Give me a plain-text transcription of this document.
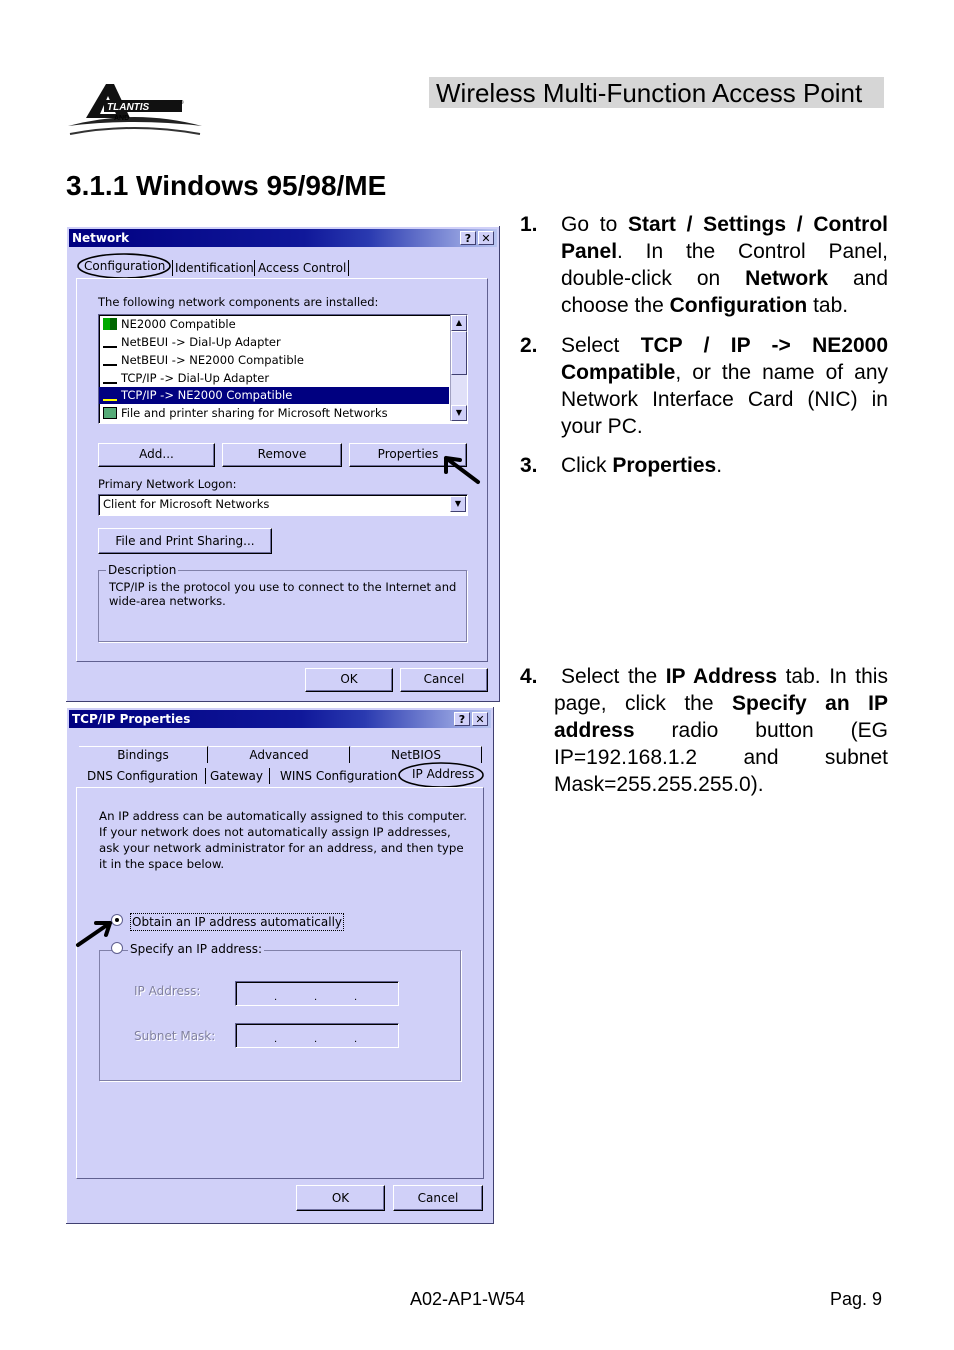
TLANTIS	®
AND
Wireless Multi-Function Access Point
3.1.1 Windows 95/98/ME
Network	? ✕
Configuration Identification Access Control
The following network components are installed:
NE2000 Compatible
NetBEUI -> Dial-Up Adapter
NetBEUI -> NE2000 Compatible
TCP/IP -> Dial-Up Adapter
TCP/IP -> NE2000 Compatible
File and printer sharing for Microsoft Networks
▲
▼
Add...	Remove	Properties
Primary Network Logon:
Client for Microsoft Networks	▼
File and Print Sharing...
Description
TCP/IP is the protocol you use to connect to the Internet and wide-area networks.
OK	Cancel
TCP/IP Properties	? ✕
Bindings	Advanced	NetBIOS
DNS Configuration Gateway	WINS Configuration IP Address
An IP address can be automatically assigned to this computer. If your network does not automatically assign IP addresses, ask your network administrator for an address, and then type it in the space below.
Obtain an IP address automatically
Specify an IP address:
IP Address:	.	.	.
Subnet Mask:	.	.	.
OK	Cancel
1. Go to Start / Settings / Control Panel. In the Control Panel, double-click on Network and choose the Configuration tab.
2. Select TCP / IP -> NE2000 Compatible, or the name of any Network Interface Card (NIC) in your PC.
3. Click Properties.
4.	Select the IP Address tab. In this page, click the Specify an IP address radio button (EG IP=192.168.1.2 and subnet Mask=255.255.255.0).
A02-AP1-W54	Pag. 9
